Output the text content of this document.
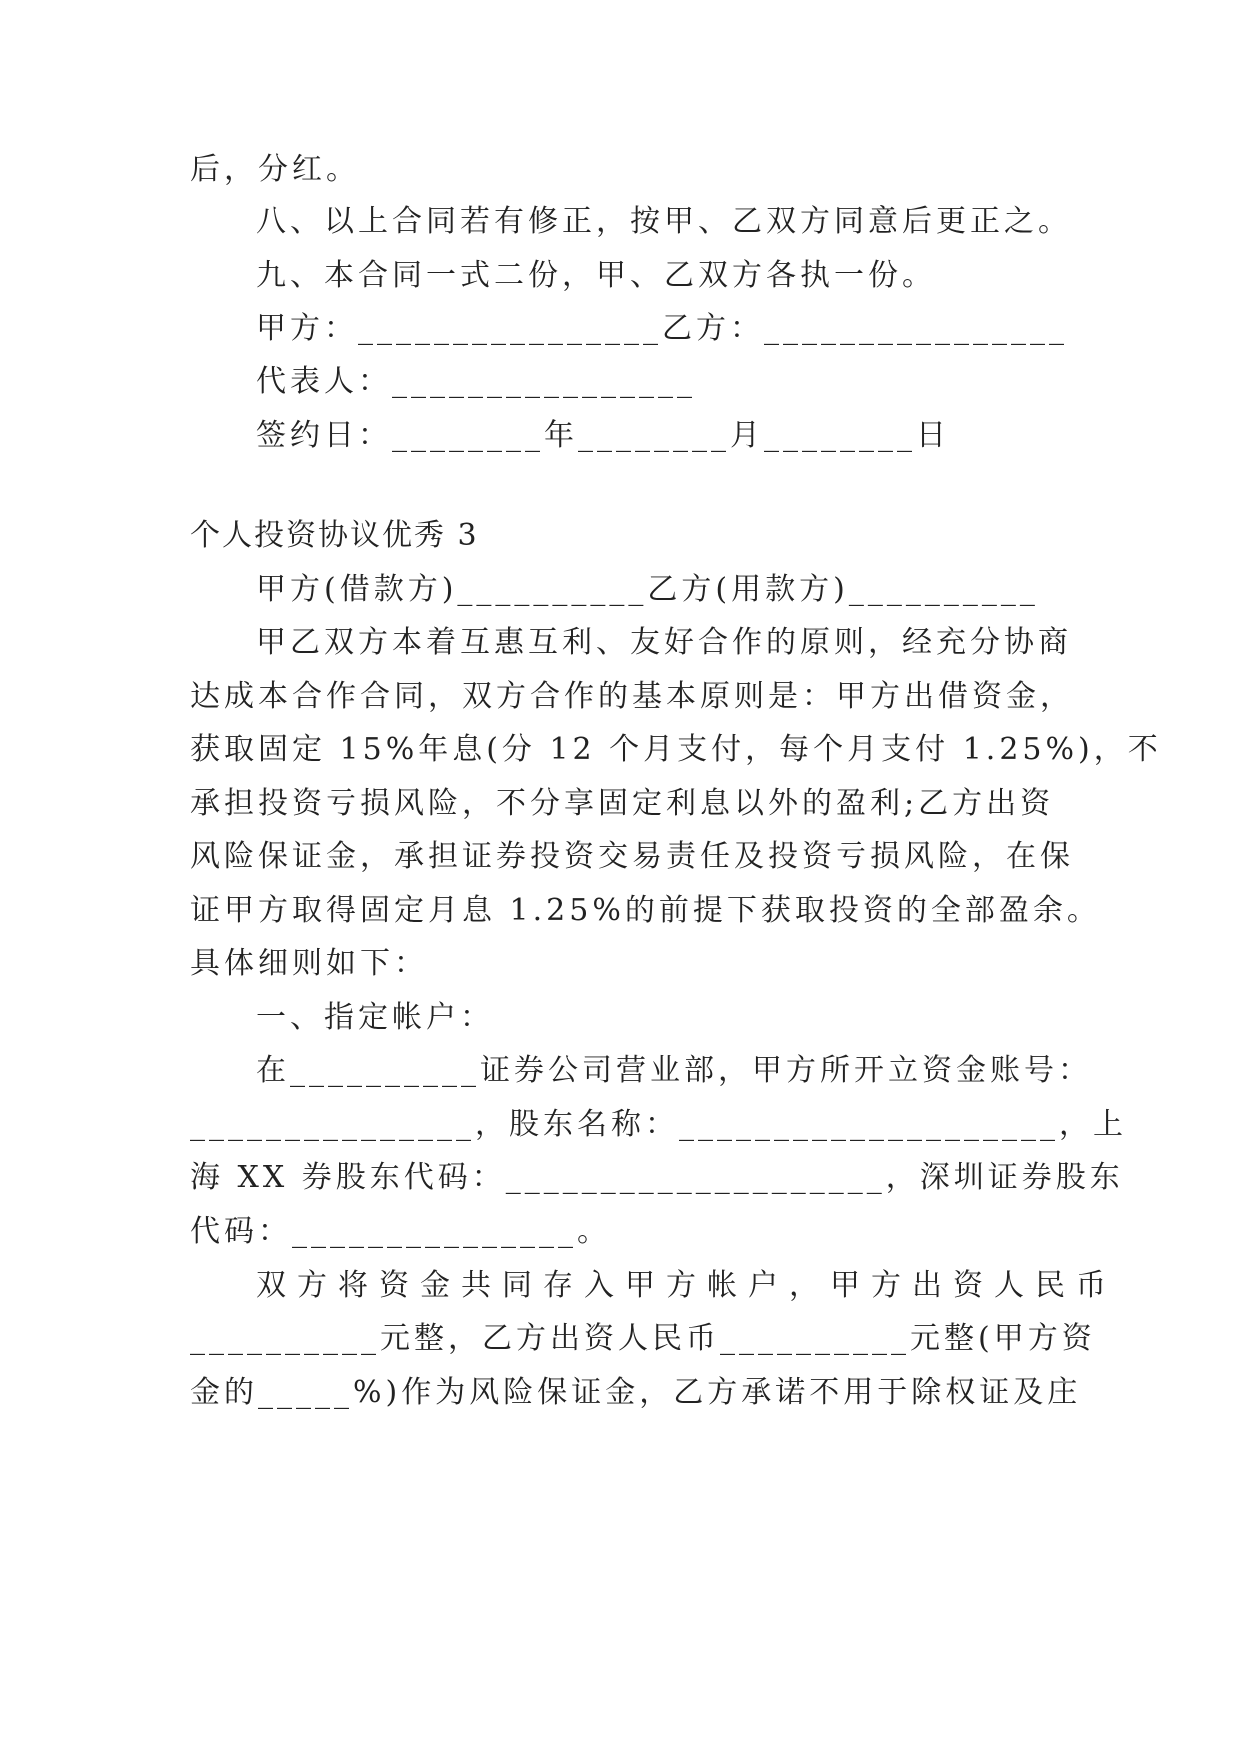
后，分红。
八、以上合同若有修正，按甲、乙双方同意后更正之。
九、本合同一式二份，甲、乙双方各执一份。
甲方：________________乙方：________________
代表人：________________
签约日：________年________月________日
个人投资协议优秀 3
甲方(借款方)__________乙方(用款方)__________
甲乙双方本着互惠互利、友好合作的原则，经充分协商
达成本合作合同，双方合作的基本原则是：甲方出借资金，
获取固定 15%年息(分 12 个月支付，每个月支付 1.25%)，不
承担投资亏损风险，不分享固定利息以外的盈利;乙方出资
风险保证金，承担证券投资交易责任及投资亏损风险，在保
证甲方取得固定月息 1.25%的前提下获取投资的全部盈余。
具体细则如下：
一、指定帐户：
在__________证券公司营业部，甲方所开立资金账号：
_______________，股东名称：____________________，上
海 XX 券股东代码：____________________，深圳证券股东
代码：_______________。
双方将资金共同存入甲方帐户，甲方出资人民币
__________元整，乙方出资人民币__________元整(甲方资
金的_____%)作为风险保证金，乙方承诺不用于除权证及庄
